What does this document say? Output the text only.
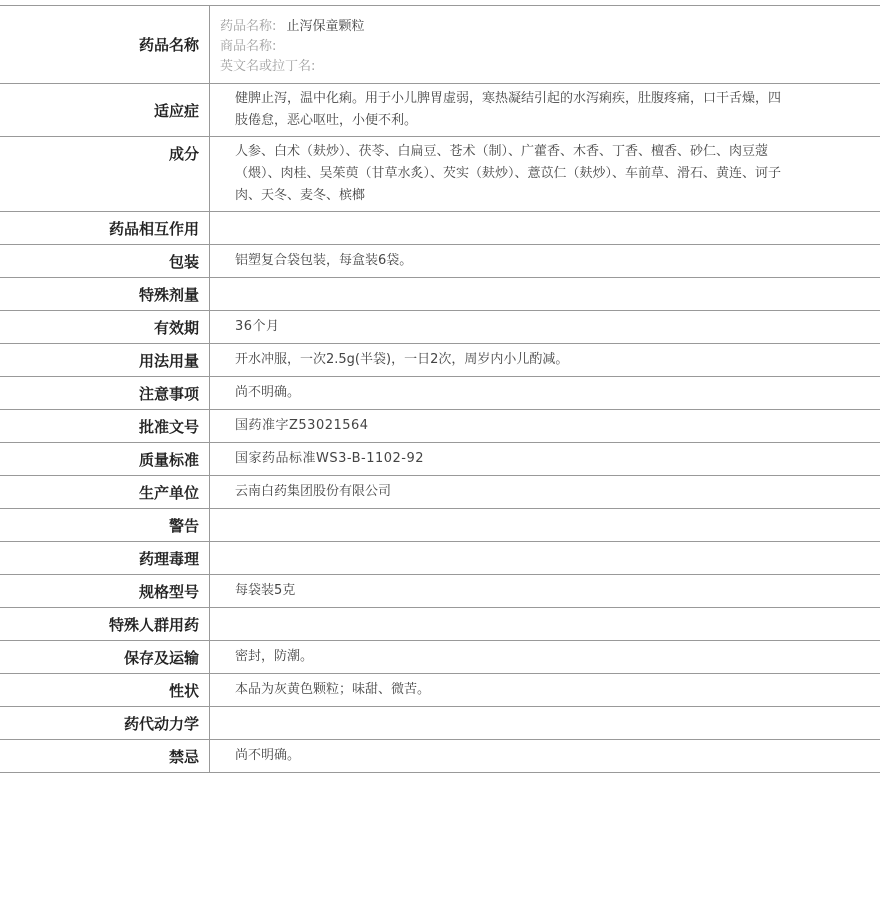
药品名称	药品名称: 止泻保童颗粒
商品名称:
英文名或拉丁名:

适应症	健脾止泻，温中化痢。用于小儿脾胃虚弱，寒热凝结引起的水泻痢疾，肚腹疼痛，口干舌燥，四肢倦怠，恶心呕吐，小便不利。
成分	人参、白术（麸炒）、茯苓、白扁豆、苍术（制）、广藿香、木香、丁香、檀香、砂仁、肉豆蔻（煨）、肉桂、吴茱萸（甘草水炙）、芡实（麸炒）、薏苡仁（麸炒）、车前草、滑石、黄连、诃子肉、天冬、麦冬、槟榔
药品相互作用	
包装	铝塑复合袋包装，每盒装6袋。
特殊剂量	
有效期	36个月
用法用量	开水冲服，一次2.5g(半袋)，一日2次，周岁内小儿酌减。
注意事项	尚不明确。
批准文号	国药准字Z53021564
质量标准	国家药品标准WS3-B-1102-92
生产单位	云南白药集团股份有限公司
警告	
药理毒理	
规格型号	每袋装5克
特殊人群用药	
保存及运输	密封，防潮。
性状	本品为灰黄色颗粒；味甜、微苦。
药代动力学	
禁忌	尚不明确。
